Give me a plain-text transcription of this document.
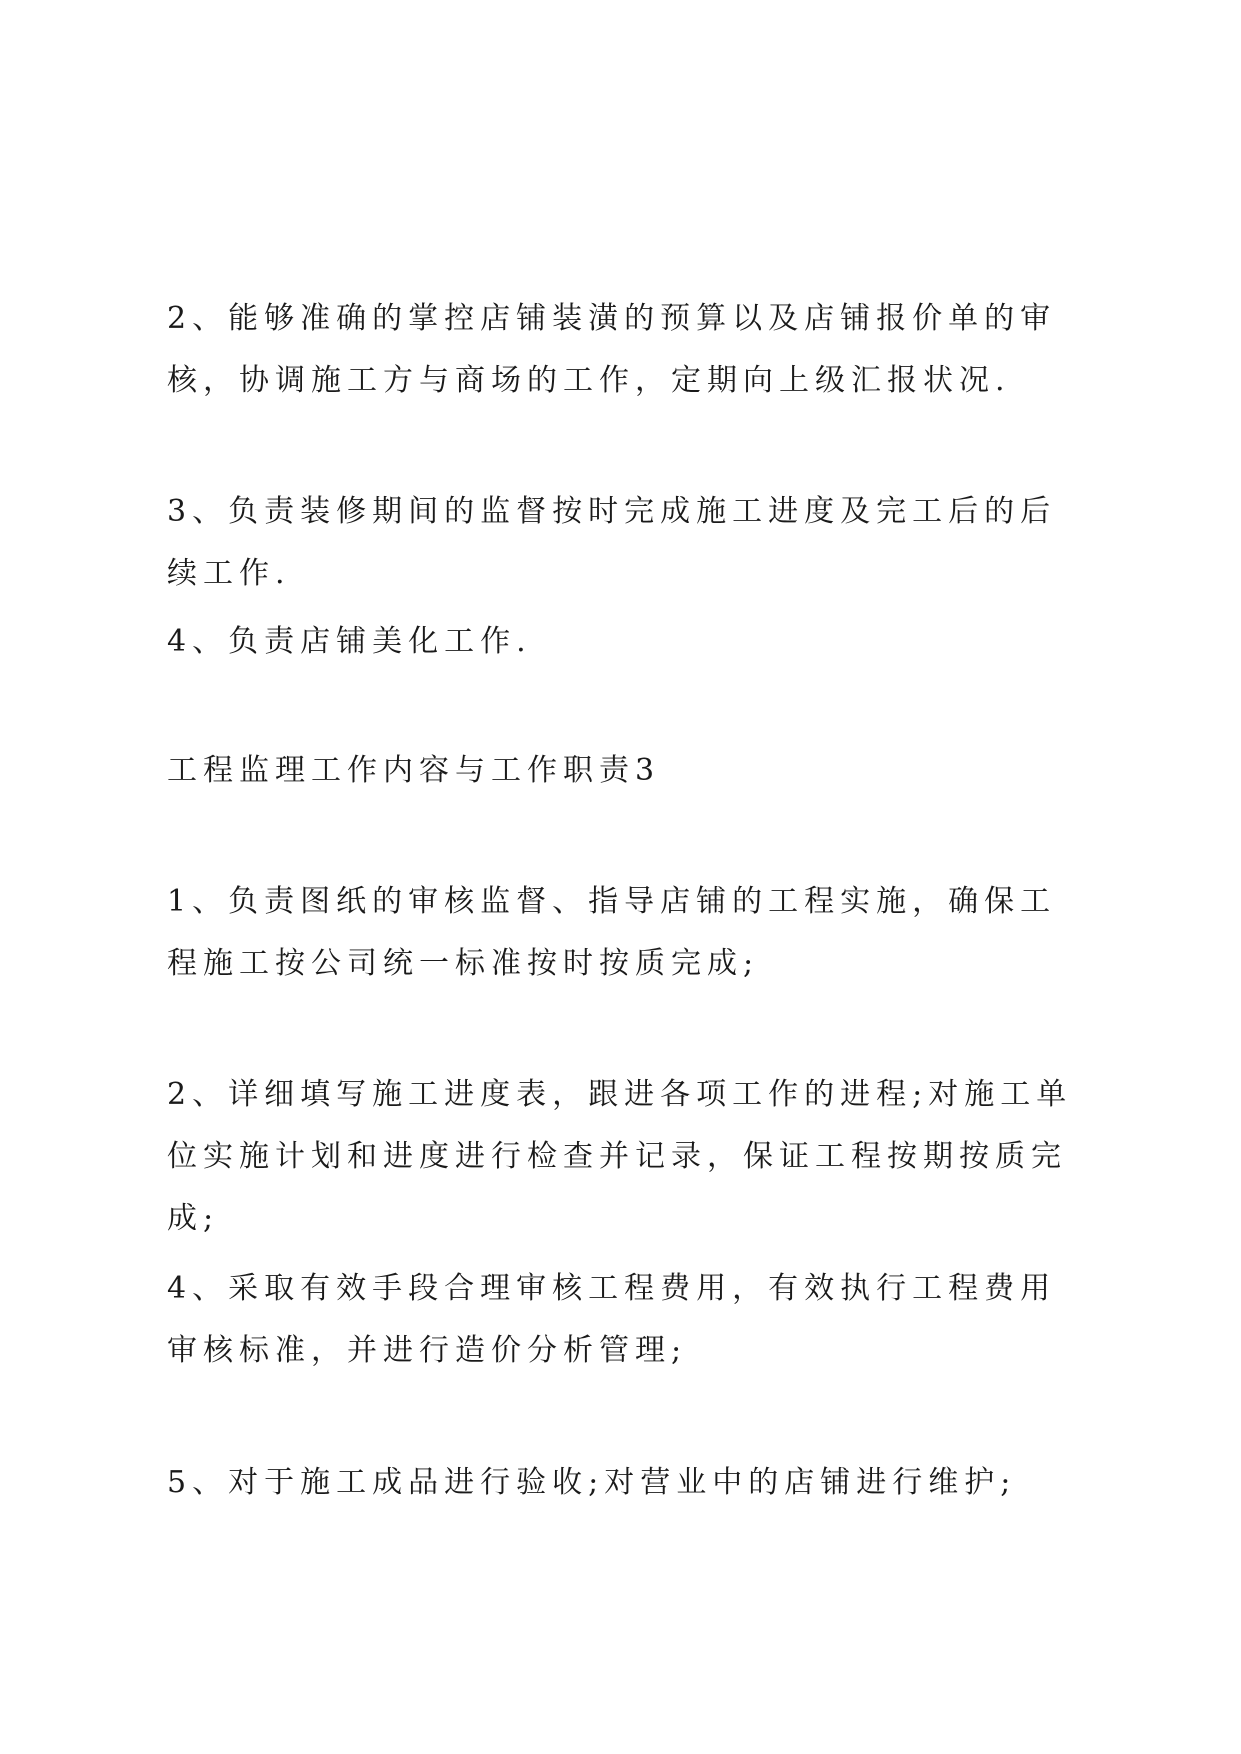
2、能够准确的掌控店铺装潢的预算以及店铺报价单的审核，协调施工方与商场的工作，定期向上级汇报状况.

3、负责装修期间的监督按时完成施工进度及完工后的后续工作.

4、负责店铺美化工作.

工程监理工作内容与工作职责3

1、负责图纸的审核监督、指导店铺的工程实施，确保工程施工按公司统一标准按时按质完成;

2、详细填写施工进度表，跟进各项工作的进程;对施工单位实施计划和进度进行检查并记录，保证工程按期按质完成;

4、采取有效手段合理审核工程费用，有效执行工程费用审核标准，并进行造价分析管理;

5、对于施工成品进行验收;对营业中的店铺进行维护;
